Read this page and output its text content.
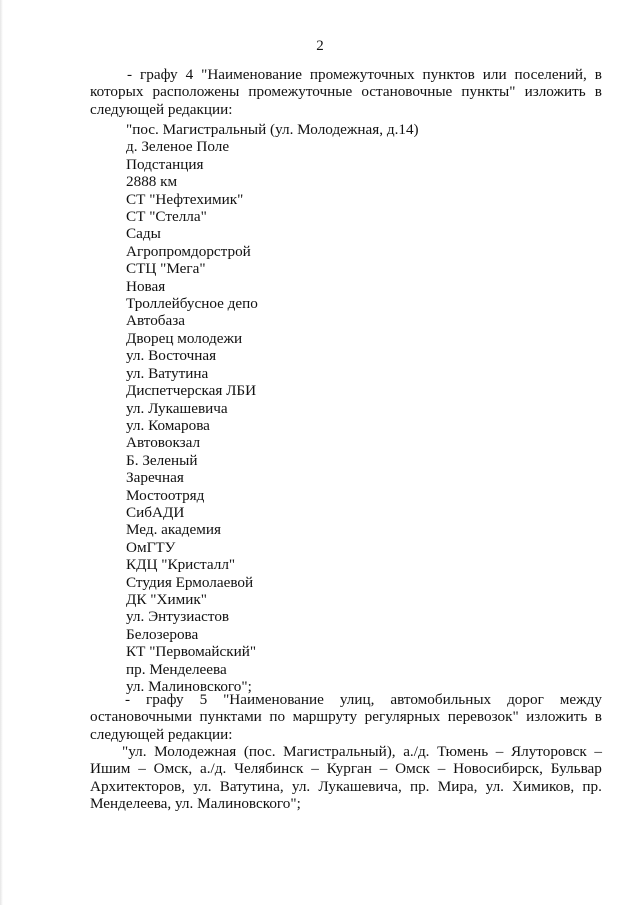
2
- графу 4 "Наименование промежуточных пунктов или поселений, в
которых расположены промежуточные остановочные пункты" изложить в
следующей редакции:
"пос. Магистральный (ул. Молодежная, д.14)
д. Зеленое Поле
Подстанция
2888 км
СТ "Нефтехимик"
СТ "Стелла"
Сады
Агропромдорстрой
СТЦ "Мега"
Новая
Троллейбусное депо
Автобаза
Дворец молодежи
ул. Восточная
ул. Ватутина
Диспетчерская ЛБИ
ул. Лукашевича
ул. Комарова
Автовокзал
Б. Зеленый
Заречная
Мостоотряд
СибАДИ
Мед. академия
ОмГТУ
КДЦ "Кристалл"
Студия Ермолаевой
ДК "Химик"
ул. Энтузиастов
Белозерова
КТ "Первомайский"
пр. Менделеева
ул. Малиновского";
- графу 5 "Наименование улиц, автомобильных дорог между
остановочными пунктами по маршруту регулярных перевозок" изложить в
следующей редакции:
"ул. Молодежная (пос. Магистральный), а./д. Тюмень – Ялуторовск –
Ишим – Омск, а./д. Челябинск – Курган – Омск – Новосибирск, Бульвар
Архитекторов, ул. Ватутина, ул. Лукашевича, пр. Мира, ул. Химиков, пр.
Менделеева, ул. Малиновского";
